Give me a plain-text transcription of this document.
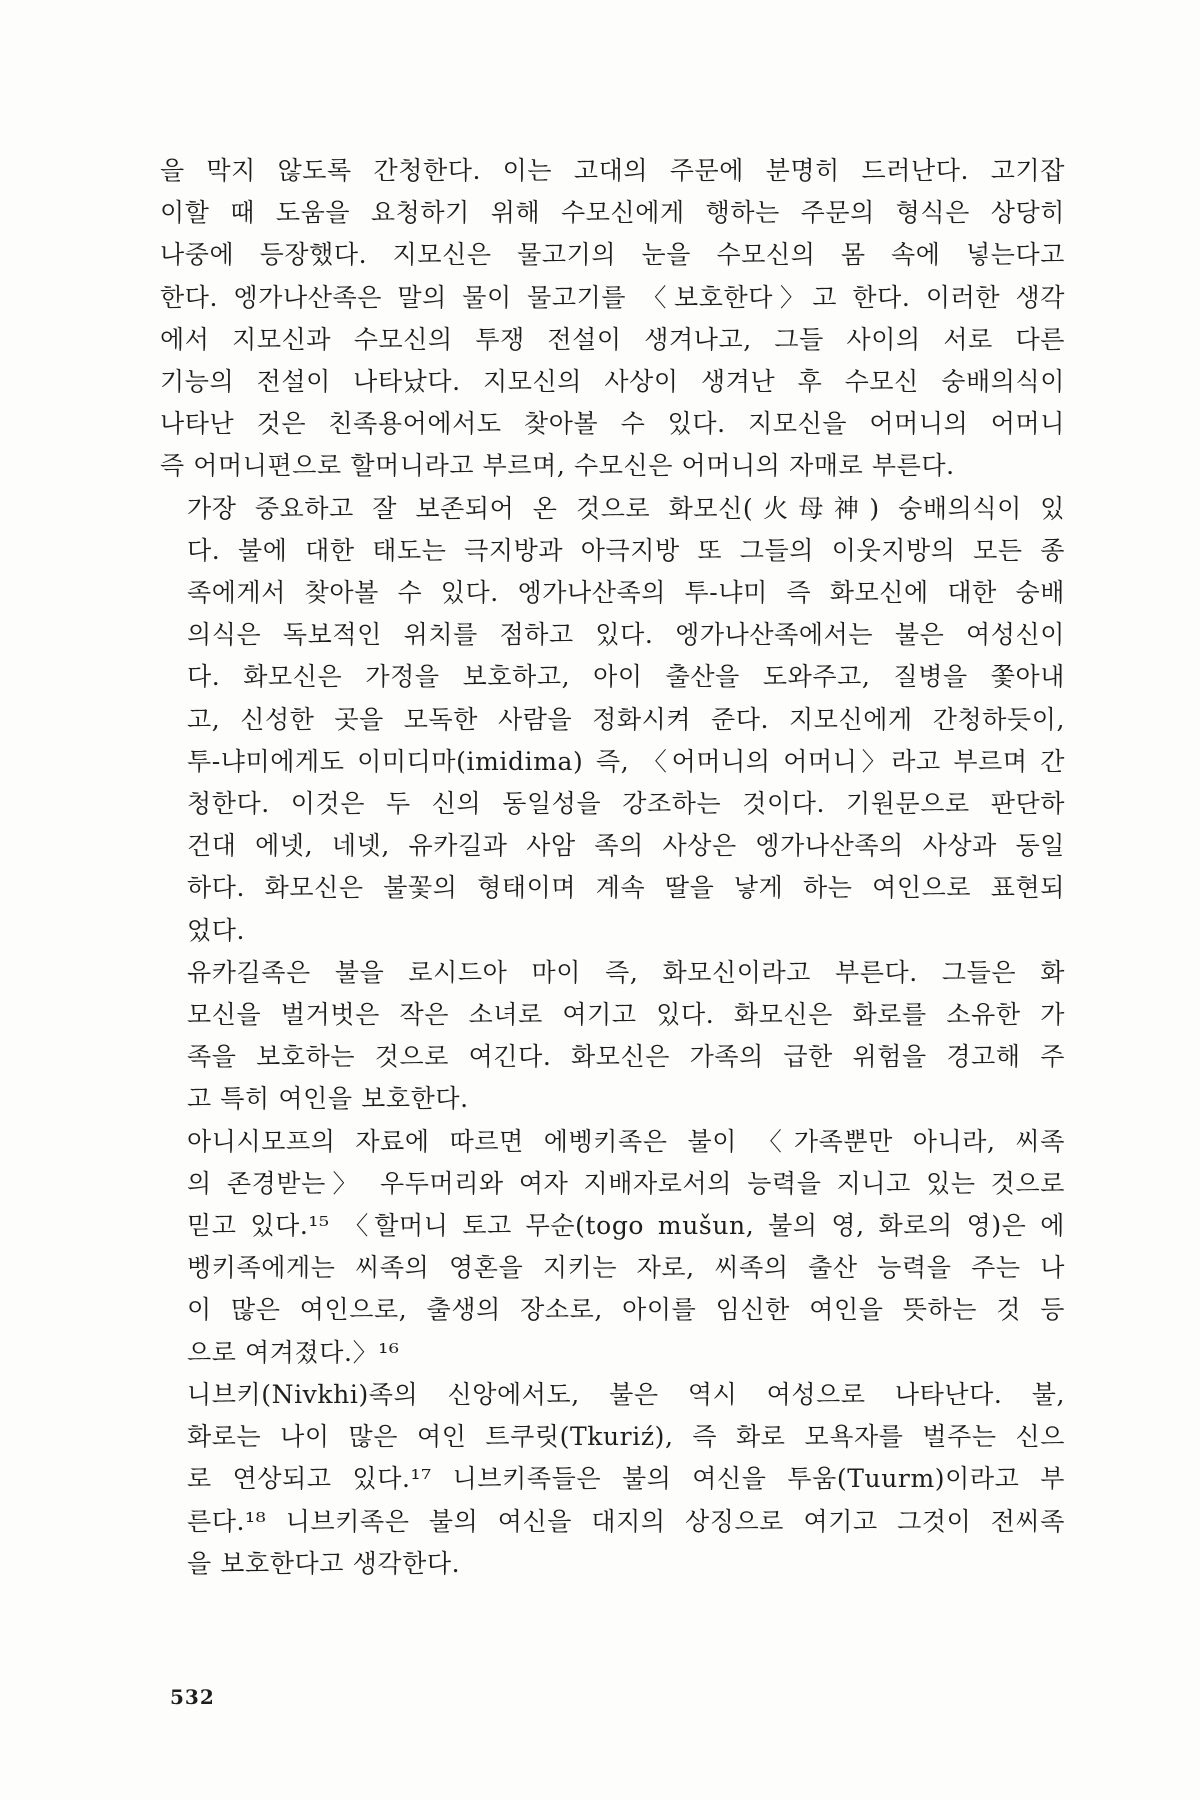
을 막지 않도록 간청한다. 이는 고대의 주문에 분명히 드러난다. 고기잡
이할 때 도움을 요청하기 위해 수모신에게 행하는 주문의 형식은 상당히
나중에 등장했다. 지모신은 물고기의 눈을 수모신의 몸 속에 넣는다고
한다. 엥가나산족은 말의 물이 물고기를 〈보호한다〉고 한다. 이러한 생각
에서 지모신과 수모신의 투쟁 전설이 생겨나고, 그들 사이의 서로 다른
기능의 전설이 나타났다. 지모신의 사상이 생겨난 후 수모신 숭배의식이
나타난 것은 친족용어에서도 찾아볼 수 있다. 지모신을 어머니의 어머니
즉 어머니편으로 할머니라고 부르며, 수모신은 어머니의 자매로 부른다.

가장 중요하고 잘 보존되어 온 것으로 화모신(火母神) 숭배의식이 있
다. 불에 대한 태도는 극지방과 아극지방 또 그들의 이웃지방의 모든 종
족에게서 찾아볼 수 있다. 엥가나산족의 투-냐미 즉 화모신에 대한 숭배
의식은 독보적인 위치를 점하고 있다. 엥가나산족에서는 불은 여성신이
다. 화모신은 가정을 보호하고, 아이 출산을 도와주고, 질병을 쫓아내
고, 신성한 곳을 모독한 사람을 정화시켜 준다. 지모신에게 간청하듯이,
투-냐미에게도 이미디마(imidima) 즉, 〈어머니의 어머니〉라고 부르며 간
청한다. 이것은 두 신의 동일성을 강조하는 것이다. 기원문으로 판단하
건대 에넷, 네넷, 유카길과 사암 족의 사상은 엥가나산족의 사상과 동일
하다. 화모신은 불꽃의 형태이며 계속 딸을 낳게 하는 여인으로 표현되
었다.

유카길족은 불을 로시드아 마이 즉, 화모신이라고 부른다. 그들은 화
모신을 벌거벗은 작은 소녀로 여기고 있다. 화모신은 화로를 소유한 가
족을 보호하는 것으로 여긴다. 화모신은 가족의 급한 위험을 경고해 주
고 특히 여인을 보호한다.

아니시모프의 자료에 따르면 에벵키족은 불이 〈가족뿐만 아니라, 씨족
의 존경받는〉 우두머리와 여자 지배자로서의 능력을 지니고 있는 것으로
믿고 있다.¹⁵ 〈할머니 토고 무순(togo mušun, 불의 영, 화로의 영)은 에
벵키족에게는 씨족의 영혼을 지키는 자로, 씨족의 출산 능력을 주는 나
이 많은 여인으로, 출생의 장소로, 아이를 임신한 여인을 뜻하는 것 등
으로 여겨졌다.〉¹⁶

니브키(Nivkhi)족의 신앙에서도, 불은 역시 여성으로 나타난다. 불,
화로는 나이 많은 여인 트쿠릿(Tkuriź), 즉 화로 모욕자를 벌주는 신으
로 연상되고 있다.¹⁷ 니브키족들은 불의 여신을 투움(Tuurm)이라고 부
른다.¹⁸ 니브키족은 불의 여신을 대지의 상징으로 여기고 그것이 전씨족
을 보호한다고 생각한다.

532
